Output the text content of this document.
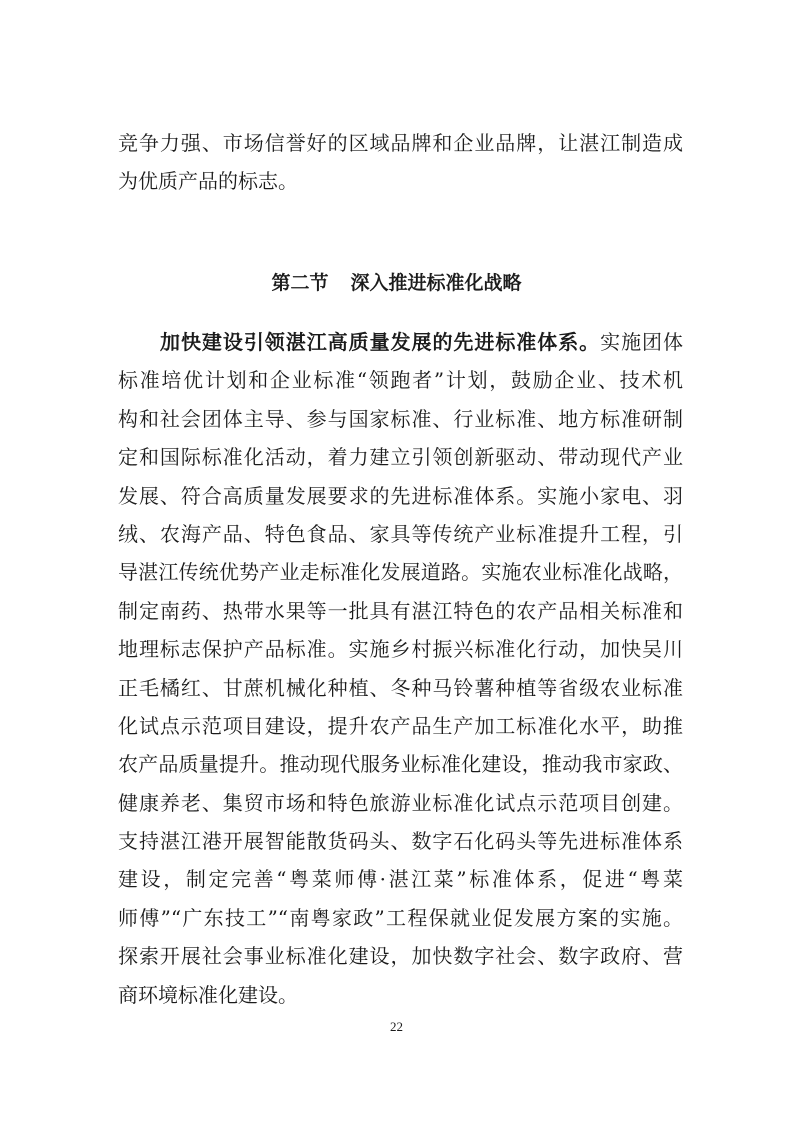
竞争力强、市场信誉好的区域品牌和企业品牌，让湛江制造成
为优质产品的标志。
第二节 深入推进标准化战略
加快建设引领湛江高质量发展的先进标准体系。实施团体
标准培优计划和企业标准“领跑者”计划，鼓励企业、技术机
构和社会团体主导、参与国家标准、行业标准、地方标准研制
定和国际标准化活动，着力建立引领创新驱动、带动现代产业
发展、符合高质量发展要求的先进标准体系。实施小家电、羽
绒、农海产品、特色食品、家具等传统产业标准提升工程，引
导湛江传统优势产业走标准化发展道路。实施农业标准化战略，
制定南药、热带水果等一批具有湛江特色的农产品相关标准和
地理标志保护产品标准。实施乡村振兴标准化行动，加快吴川
正毛橘红、甘蔗机械化种植、冬种马铃薯种植等省级农业标准
化试点示范项目建设，提升农产品生产加工标准化水平，助推
农产品质量提升。推动现代服务业标准化建设，推动我市家政、
健康养老、集贸市场和特色旅游业标准化试点示范项目创建。
支持湛江港开展智能散货码头、数字石化码头等先进标准体系
建设，制定完善“粤菜师傅·湛江菜”标准体系，促进“粤菜
师傅”“广东技工”“南粤家政”工程保就业促发展方案的实施。
探索开展社会事业标准化建设，加快数字社会、数字政府、营
商环境标准化建设。
22
